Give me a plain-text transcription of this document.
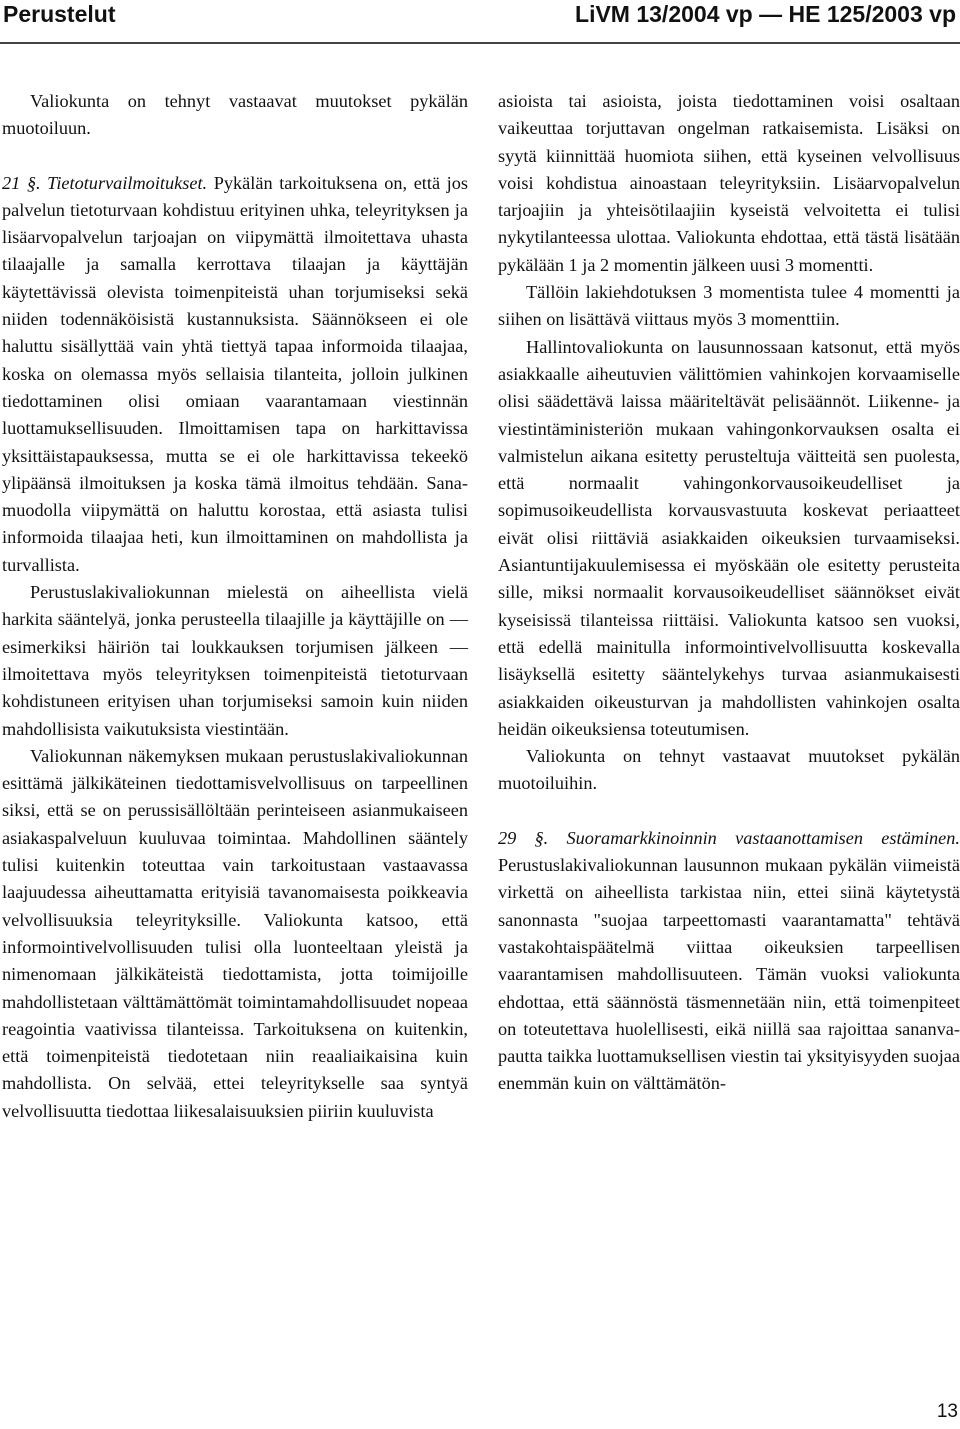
Perustelut	LiVM 13/2004 vp — HE 125/2003 vp

Valiokunta on tehnyt vastaavat muutokset pykälän muotoiluun.

21 §. Tietoturvailmoitukset. Pykälän tarkoituksena on, että jos palvelun tietoturvaan kohdistuu erityinen uhka, teleyrityksen ja lisäarvopalvelun tarjoajan on viipymättä ilmoitettava uhasta tilaajalle ja samalla kerrottava tilaajan ja käyttäjän käytettävissä olevista toimenpiteistä uhan torjumiseksi sekä niiden todennäköisistä kustannuksista. Säännökseen ei ole haluttu sisällyttää vain yhtä tiettyä tapaa informoida tilaajaa, koska on olemassa myös sellaisia tilanteita, jolloin julkinen tiedottaminen olisi omiaan vaarantamaan viestinnän luottamuksellisuuden. Ilmoittamisen tapa on harkittavissa yksittäistapauksessa, mutta se ei ole harkittavissa tekeekö ylipäänsä ilmoituksen ja koska tämä ilmoitus tehdään. Sanamuodolla viipymättä on haluttu korostaa, että asiasta tulisi informoida tilaajaa heti, kun ilmoittaminen on mahdollista ja turvallista.

Perustuslakivaliokunnan mielestä on aiheellista vielä harkita sääntelyä, jonka perusteella tilaajille ja käyttäjille on — esimerkiksi häiriön tai loukkauksen torjumisen jälkeen — ilmoitettava myös teleyrityksen toimenpiteistä tietoturvaan kohdistuneen erityisen uhan torjumiseksi samoin kuin niiden mahdollisista vaikutuksista viestintään.

Valiokunnan näkemyksen mukaan perustuslakivaliokunnan esittämä jälkikäteinen tiedottamisvelvollisuus on tarpeellinen siksi, että se on perussisällöltään perinteiseen asianmukaiseen asiakaspalveluun kuuluvaa toimintaa. Mahdollinen sääntely tulisi kuitenkin toteuttaa vain tarkoitustaan vastaavassa laajuudessa aiheuttamatta erityisiä tavanomaisesta poikkeavia velvollisuuksia teleyrityksille. Valiokunta katsoo, että informointivelvollisuuden tulisi olla luonteeltaan yleistä ja nimenomaan jälkikäteistä tiedottamista, jotta toimijoille mahdollistetaan välttämättömät toimintamahdollisuudet nopeaa reagointia vaativissa tilanteissa. Tarkoituksena on kuitenkin, että toimenpiteistä tiedotetaan niin reaaliaikaisina kuin mahdollista. On selvää, ettei teleyritykselle saa syntyä velvollisuutta tiedottaa liikesalaisuuksien piiriin kuuluvista

asioista tai asioista, joista tiedottaminen voisi osaltaan vaikeuttaa torjuttavan ongelman ratkaisemista. Lisäksi on syytä kiinnittää huomiota siihen, että kyseinen velvollisuus voisi kohdistua ainoastaan teleyrityksiin. Lisäarvopalvelun tarjoajiin ja yhteisötilaajiin kyseistä velvoitetta ei tulisi nykytilanteessa ulottaa. Valiokunta ehdottaa, että tästä lisätään pykälään 1 ja 2 momentin jälkeen uusi 3 momentti.

Tällöin lakiehdotuksen 3 momentista tulee 4 momentti ja siihen on lisättävä viittaus myös 3 momenttiin.

Hallintovaliokunta on lausunnossaan katsonut, että myös asiakkaalle aiheutuvien välittömien vahinkojen korvaamiselle olisi säädettävä laissa määriteltävät pelisäännöt. Liikenne- ja viestintäministeriön mukaan vahingonkorvauksen osalta ei valmistelun aikana esitetty perusteltuja väitteitä sen puolesta, että normaalit vahingonkorvausoikeudelliset ja sopimusoikeudellista korvausvastuuta koskevat periaatteet eivät olisi riittäviä asiakkaiden oikeuksien turvaamiseksi. Asiantuntijakuulemisessa ei myöskään ole esitetty perusteita sille, miksi normaalit korvausoikeudelliset säännökset eivät kyseisissä tilanteissa riittäisi. Valiokunta katsoo sen vuoksi, että edellä mainitulla informointivelvollisuutta koskevalla lisäyksellä esitetty sääntelykehys turvaa asianmukaisesti asiakkaiden oikeusturvan ja mahdollisten vahinkojen osalta heidän oikeuksiensa toteutumisen.

Valiokunta on tehnyt vastaavat muutokset pykälän muotoiluihin.

29 §. Suoramarkkinoinnin vastaanottamisen estäminen. Perustuslakivaliokunnan lausunnon mukaan pykälän viimeistä virkettä on aiheellista tarkistaa niin, ettei siinä käytetystä sanonnasta "suojaa tarpeettomasti vaarantamatta" tehtävä vastakohtaispäätelmä viittaa oikeuksien tarpeellisen vaarantamisen mahdollisuuteen. Tämän vuoksi valiokunta ehdottaa, että säännöstä täsmennetään niin, että toimenpiteet on toteutettava huolellisesti, eikä niillä saa rajoittaa sananvapautta taikka luottamuksellisen viestin tai yksityisyyden suojaa enemmän kuin on välttämätön-

13
